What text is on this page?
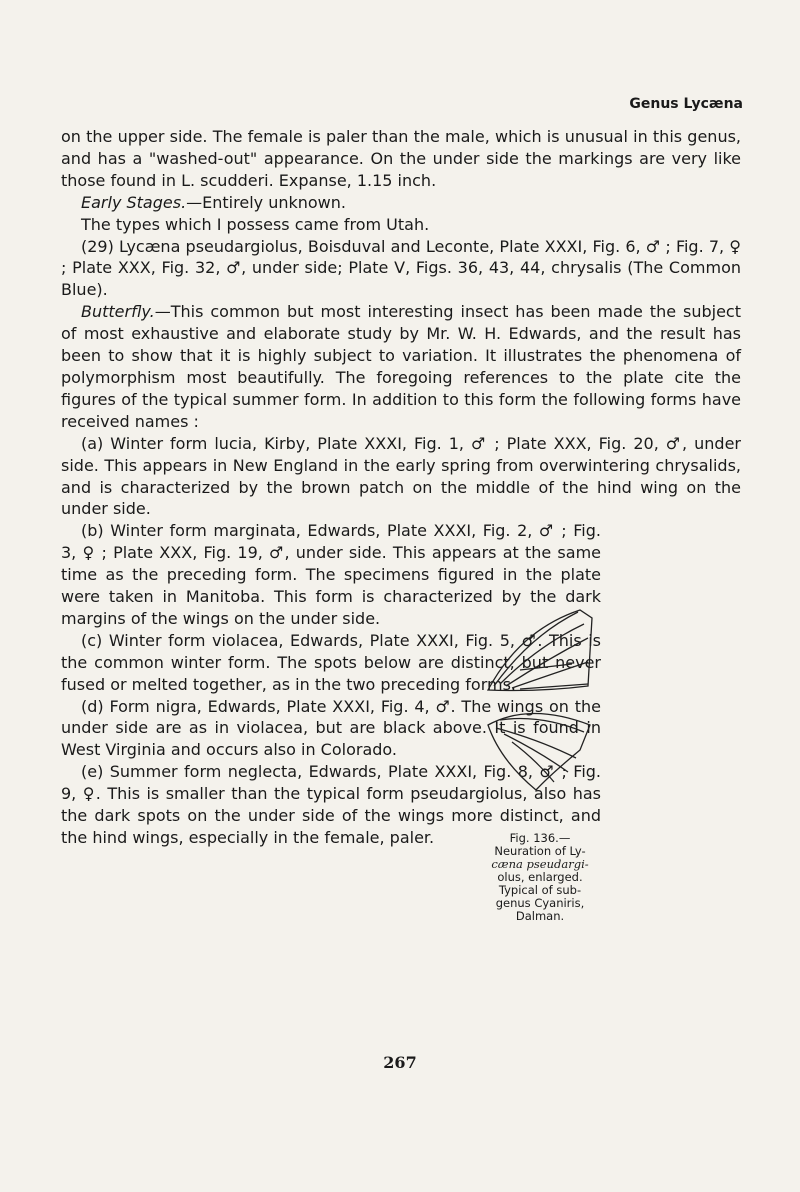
Genus Lycæna

on the upper side. The female is paler than the male, which is unusual in this genus, and has a "washed-out" appearance. On the under side the markings are very like those found in L. scudderi. Expanse, 1.15 inch.

Early Stages.—Entirely unknown.

The types which I possess came from Utah.

(29) Lycæna pseudargiolus, Boisduval and Leconte, Plate XXXI, Fig. 6, ♂ ; Fig. 7, ♀ ; Plate XXX, Fig. 32, ♂, under side; Plate V, Figs. 36, 43, 44, chrysalis (The Common Blue).

Butterfly.—This common but most interesting insect has been made the subject of most exhaustive and elaborate study by Mr. W. H. Edwards, and the result has been to show that it is highly subject to variation. It illustrates the phenomena of polymorphism most beautifully. The foregoing references to the plate cite the figures of the typical summer form. In addition to this form the following forms have received names :

(a) Winter form lucia, Kirby, Plate XXXI, Fig. 1, ♂ ; Plate XXX, Fig. 20, ♂, under side. This appears in New England in the early spring from overwintering chrysalids, and is characterized by the brown patch on the middle of the hind wing on the under side.

(b) Winter form marginata, Edwards, Plate XXXI, Fig. 2, ♂ ; Fig. 3, ♀ ; Plate XXX, Fig. 19, ♂, under side. This appears at the same time as the preceding form. The specimens figured in the plate were taken in Manitoba. This form is characterized by the dark margins of the wings on the under side.

(c) Winter form violacea, Edwards, Plate XXXI, Fig. 5, ♂. This is the common winter form. The spots below are distinct, but never fused or melted together, as in the two preceding forms.

(d) Form nigra, Edwards, Plate XXXI, Fig. 4, ♂. The wings on the under side are as in violacea, but are black above. It is found in West Virginia and occurs also in Colorado.

(e) Summer form neglecta, Edwards, Plate XXXI, Fig. 8, ♂ ; Fig. 9, ♀. This is smaller than the typical form pseudargiolus, also has the dark spots on the under side of the wings more distinct, and the hind wings, especially in the female, paler.	Fig. 136.—
Neuration of Ly-
cæna pseudargi-
olus, enlarged.
Typical of sub-
genus Cyaniris,
Dalman.
267
